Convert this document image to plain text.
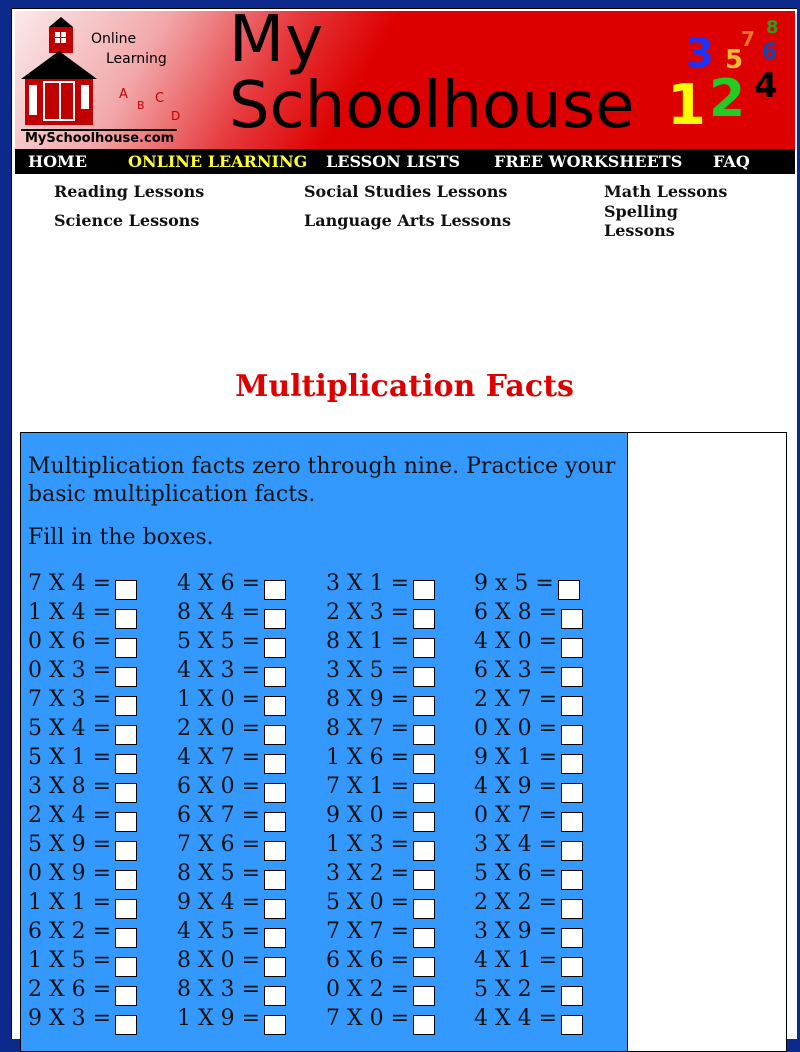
Online
Learning
A
B C
D
MySchoolhouse.com
My
Schoolhouse 1 2
3
4
5 6
7 8
HOME	ONLINE LEARNING LESSON LISTS FREE WORKSHEETS FAQ
Reading Lessons	Social Studies Lessons	Math Lessons
Science Lessons	Language Arts Lessons	Spelling Lessons
Multiplication Facts

Multiplication facts zero through nine. Practice your basic multiplication facts.

Fill in the boxes.

7 X 4 =	4 X 6 =	3 X 1 =	9 x 5 =
1 X 4 =	8 X 4 =	2 X 3 =	6 X 8 =
0 X 6 =	5 X 5 =	8 X 1 =	4 X 0 =
0 X 3 =	4 X 3 =	3 X 5 =	6 X 3 =
7 X 3 =	1 X 0 =	8 X 9 =	2 X 7 =
5 X 4 =	2 X 0 =	8 X 7 =	0 X 0 =
5 X 1 =	4 X 7 =	1 X 6 =	9 X 1 =
3 X 8 =	6 X 0 =	7 X 1 =	4 X 9 =
2 X 4 =	6 X 7 =	9 X 0 =	0 X 7 =
5 X 9 =	7 X 6 =	1 X 3 =	3 X 4 =
0 X 9 =	8 X 5 =	3 X 2 =	5 X 6 =
1 X 1 =	9 X 4 =	5 X 0 =	2 X 2 =
6 X 2 =	4 X 5 =	7 X 7 =	3 X 9 =
1 X 5 =	8 X 0 =	6 X 6 =	4 X 1 =
2 X 6 =	8 X 3 =	0 X 2 =	5 X 2 =
9 X 3 =	1 X 9 =	7 X 0 =	4 X 4 =
